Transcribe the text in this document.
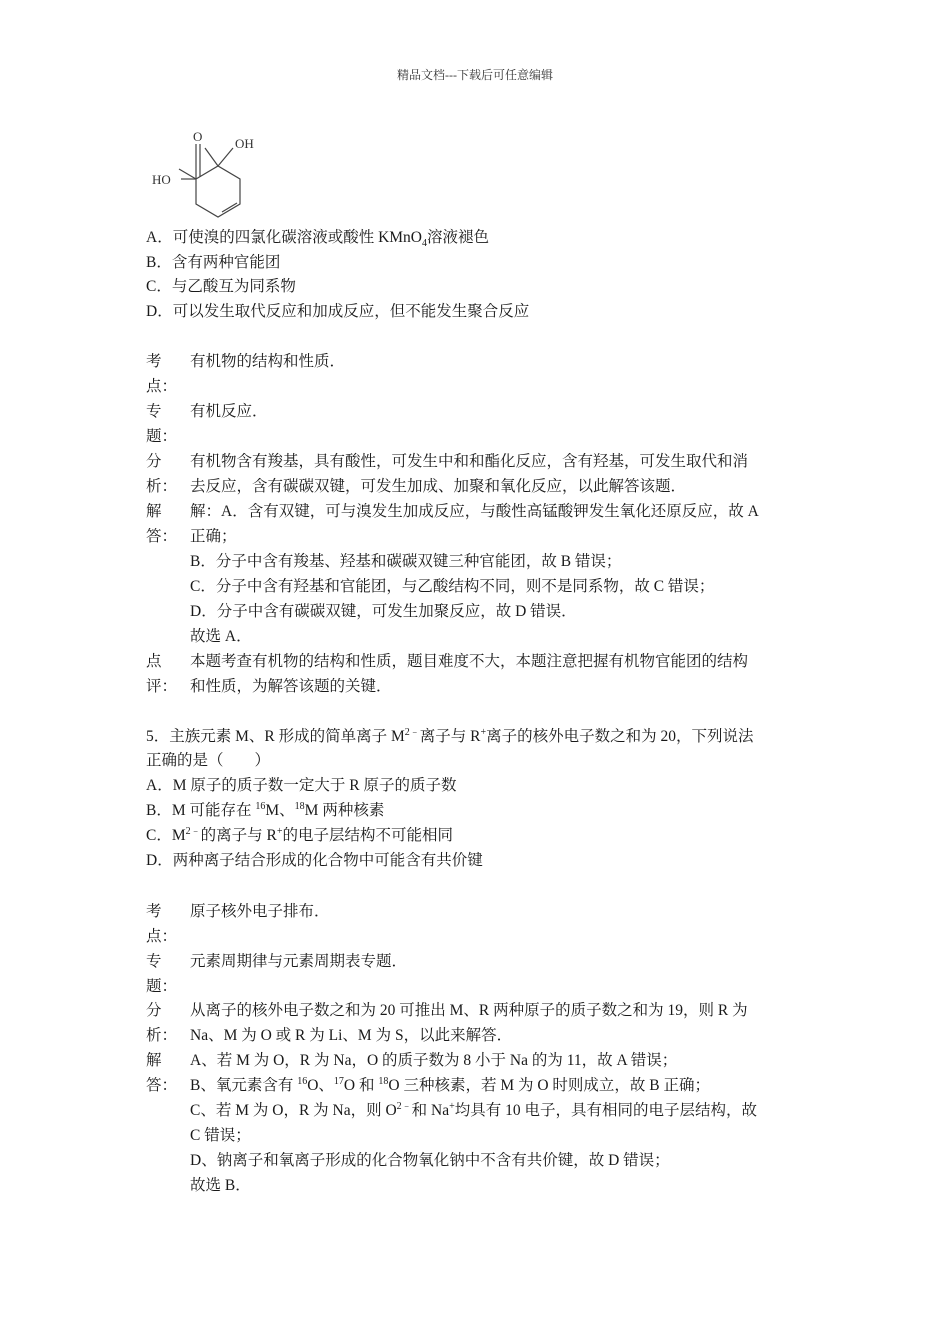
精品文档---下载后可任意编辑
O
HO
OH
A．可使溴的四氯化碳溶液或酸性 KMnO$_4$溶液褪色
B．含有两种官能团
C．与乙酸互为同系物
D．可以发生取代反应和加成反应，但不能发生聚合反应
考
点：
有机物的结构和性质．
专
题：
有机反应．
分
析：
有机物含有羧基，具有酸性，可发生中和和酯化反应，含有羟基，可发生取代和消
去反应，含有碳碳双键，可发生加成、加聚和氧化反应，以此解答该题．
解
答：
解：A．含有双键，可与溴发生加成反应，与酸性高锰酸钾发生氧化还原反应，故 A
正确；
B．分子中含有羧基、羟基和碳碳双键三种官能团，故 B 错误；
C．分子中含有羟基和官能团，与乙酸结构不同，则不是同系物，故 C 错误；
D．分子中含有碳碳双键，可发生加聚反应，故 D 错误．
故选 A．
点
评：
本题考查有机物的结构和性质，题目难度不大，本题注意把握有机物官能团的结构
和性质，为解答该题的关键．
5．主族元素 M、R 形成的简单离子 $M^{2﹣}$离子与 R+离子的核外电子数之和为 20，下列说法
正确的是（　　）
A．M 原子的质子数一定大于 R 原子的质子数
B．M 可能存在 $^{16}$M、$^{18}$M 两种核素
C．$M^{2﹣}$的离子与 R+的电子层结构不可能相同
D．两种离子结合形成的化合物中可能含有共价键
考
点：
原子核外电子排布．
专
题：
元素周期律与元素周期表专题．
分
析：
从离子的核外电子数之和为 20 可推出 M、R 两种原子的质子数之和为 19，则 R 为
Na、M 为 O 或 R 为 Li、M 为 S，以此来解答．
解
答：
A、若 M 为 O，R 为 Na，O 的质子数为 8 小于 Na 的为 11，故 A 错误；
B、氧元素含有 $^{16}$O、$^{17}$O 和 $^{18}$O 三种核素，若 M 为 O 时则成立，故 B 正确；
C、若 M 为 O，R 为 Na，则 $O^{2﹣}$和 Na+均具有 10 电子，具有相同的电子层结构，故
C 错误；
D、钠离子和氧离子形成的化合物氧化钠中不含有共价键，故 D 错误；
故选 B．
